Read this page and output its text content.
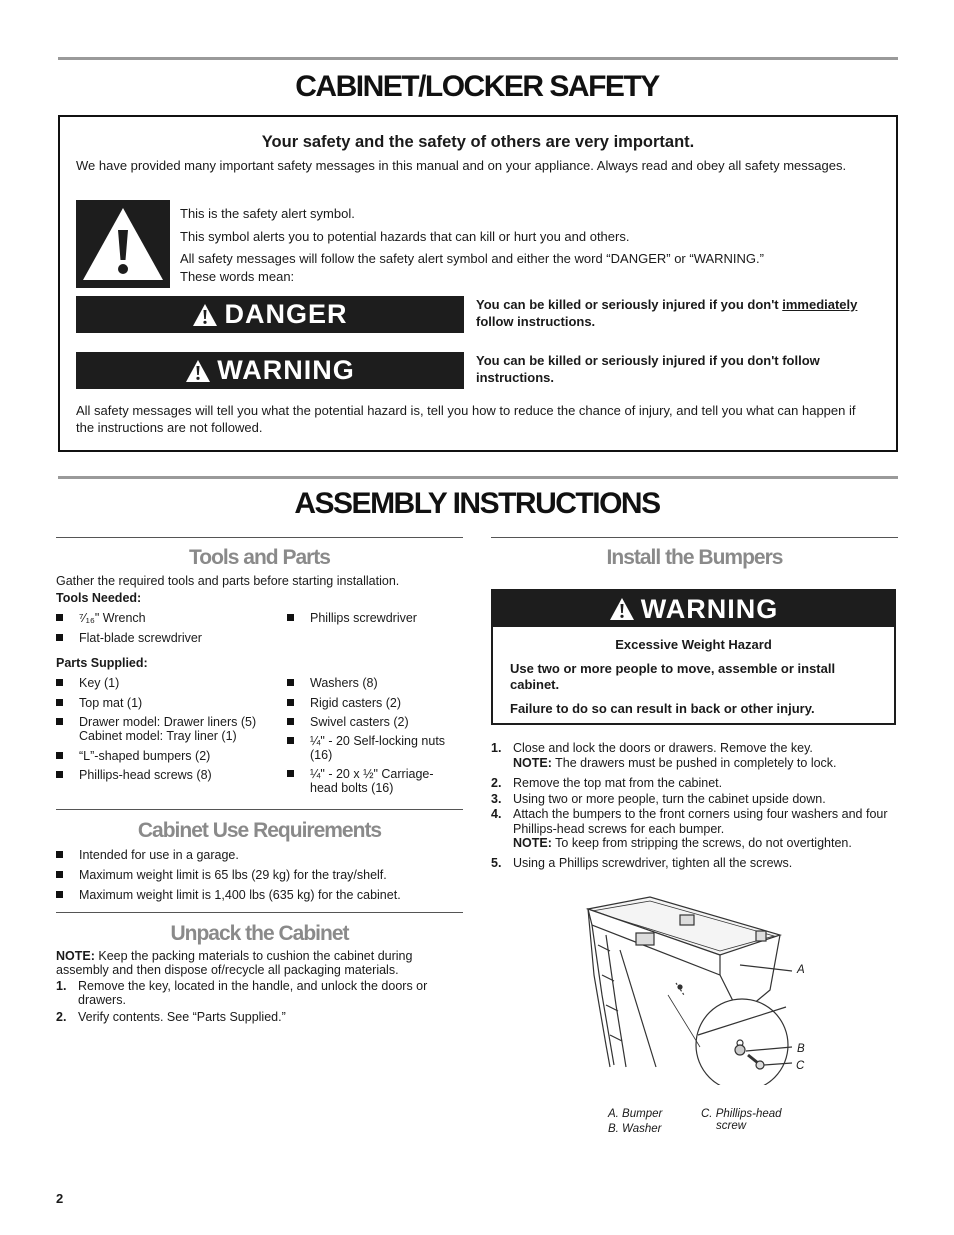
CABINET/LOCKER SAFETY
Your safety and the safety of others are very important.
We have provided many important safety messages in this manual and on your appliance. Always read and obey all safety messages.
This is the safety alert symbol.
This symbol alerts you to potential hazards that can kill or hurt you and others.
All safety messages will follow the safety alert symbol and either the word “DANGER” or “WARNING.”
These words mean:
DANGER	You can be killed or seriously injured if you don't immediately
follow instructions.
WARNING	You can be killed or seriously injured if you don't follow instructions.
All safety messages will tell you what the potential hazard is, tell you how to reduce the chance of injury, and tell you what can happen if the instructions are not followed.
ASSEMBLY INSTRUCTIONS
Tools and Parts
Gather the required tools and parts before starting installation.
Tools Needed:
⁷⁄₁₆" Wrench
Flat-blade screwdriver
Phillips screwdriver
Parts Supplied:
Key (1)
Top mat (1)
Drawer model: Drawer liners (5) Cabinet model: Tray liner (1)
“L”-shaped bumpers (2)
Phillips-head screws (8)
Washers (8)
Rigid casters (2)
Swivel casters (2)
¼" - 20 Self-locking nuts (16)
¼" - 20 x ½" Carriage-head bolts (16)
Cabinet Use Requirements
Intended for use in a garage.
Maximum weight limit is 65 lbs (29 kg) for the tray/shelf.
Maximum weight limit is 1,400 lbs (635 kg) for the cabinet.
Unpack the Cabinet
NOTE: Keep the packing materials to cushion the cabinet during assembly and then dispose of/recycle all packaging materials.
1. Remove the key, located in the handle, and unlock the doors or drawers.
2. Verify contents. See “Parts Supplied.”
Install the Bumpers
WARNING
Excessive Weight Hazard
Use two or more people to move, assemble or install cabinet.
Failure to do so can result in back or other injury.
1. Close and lock the doors or drawers. Remove the key.
NOTE: The drawers must be pushed in completely to lock.
2. Remove the top mat from the cabinet.
3. Using two or more people, turn the cabinet upside down.
4. Attach the bumpers to the front corners using four washers and four Phillips-head screws for each bumper.
NOTE: To keep from stripping the screws, do not overtighten.
5. Using a Phillips screwdriver, tighten all the screws.
A
B
C
A. Bumper
B. Washer
C. Phillips-head
screw
2
